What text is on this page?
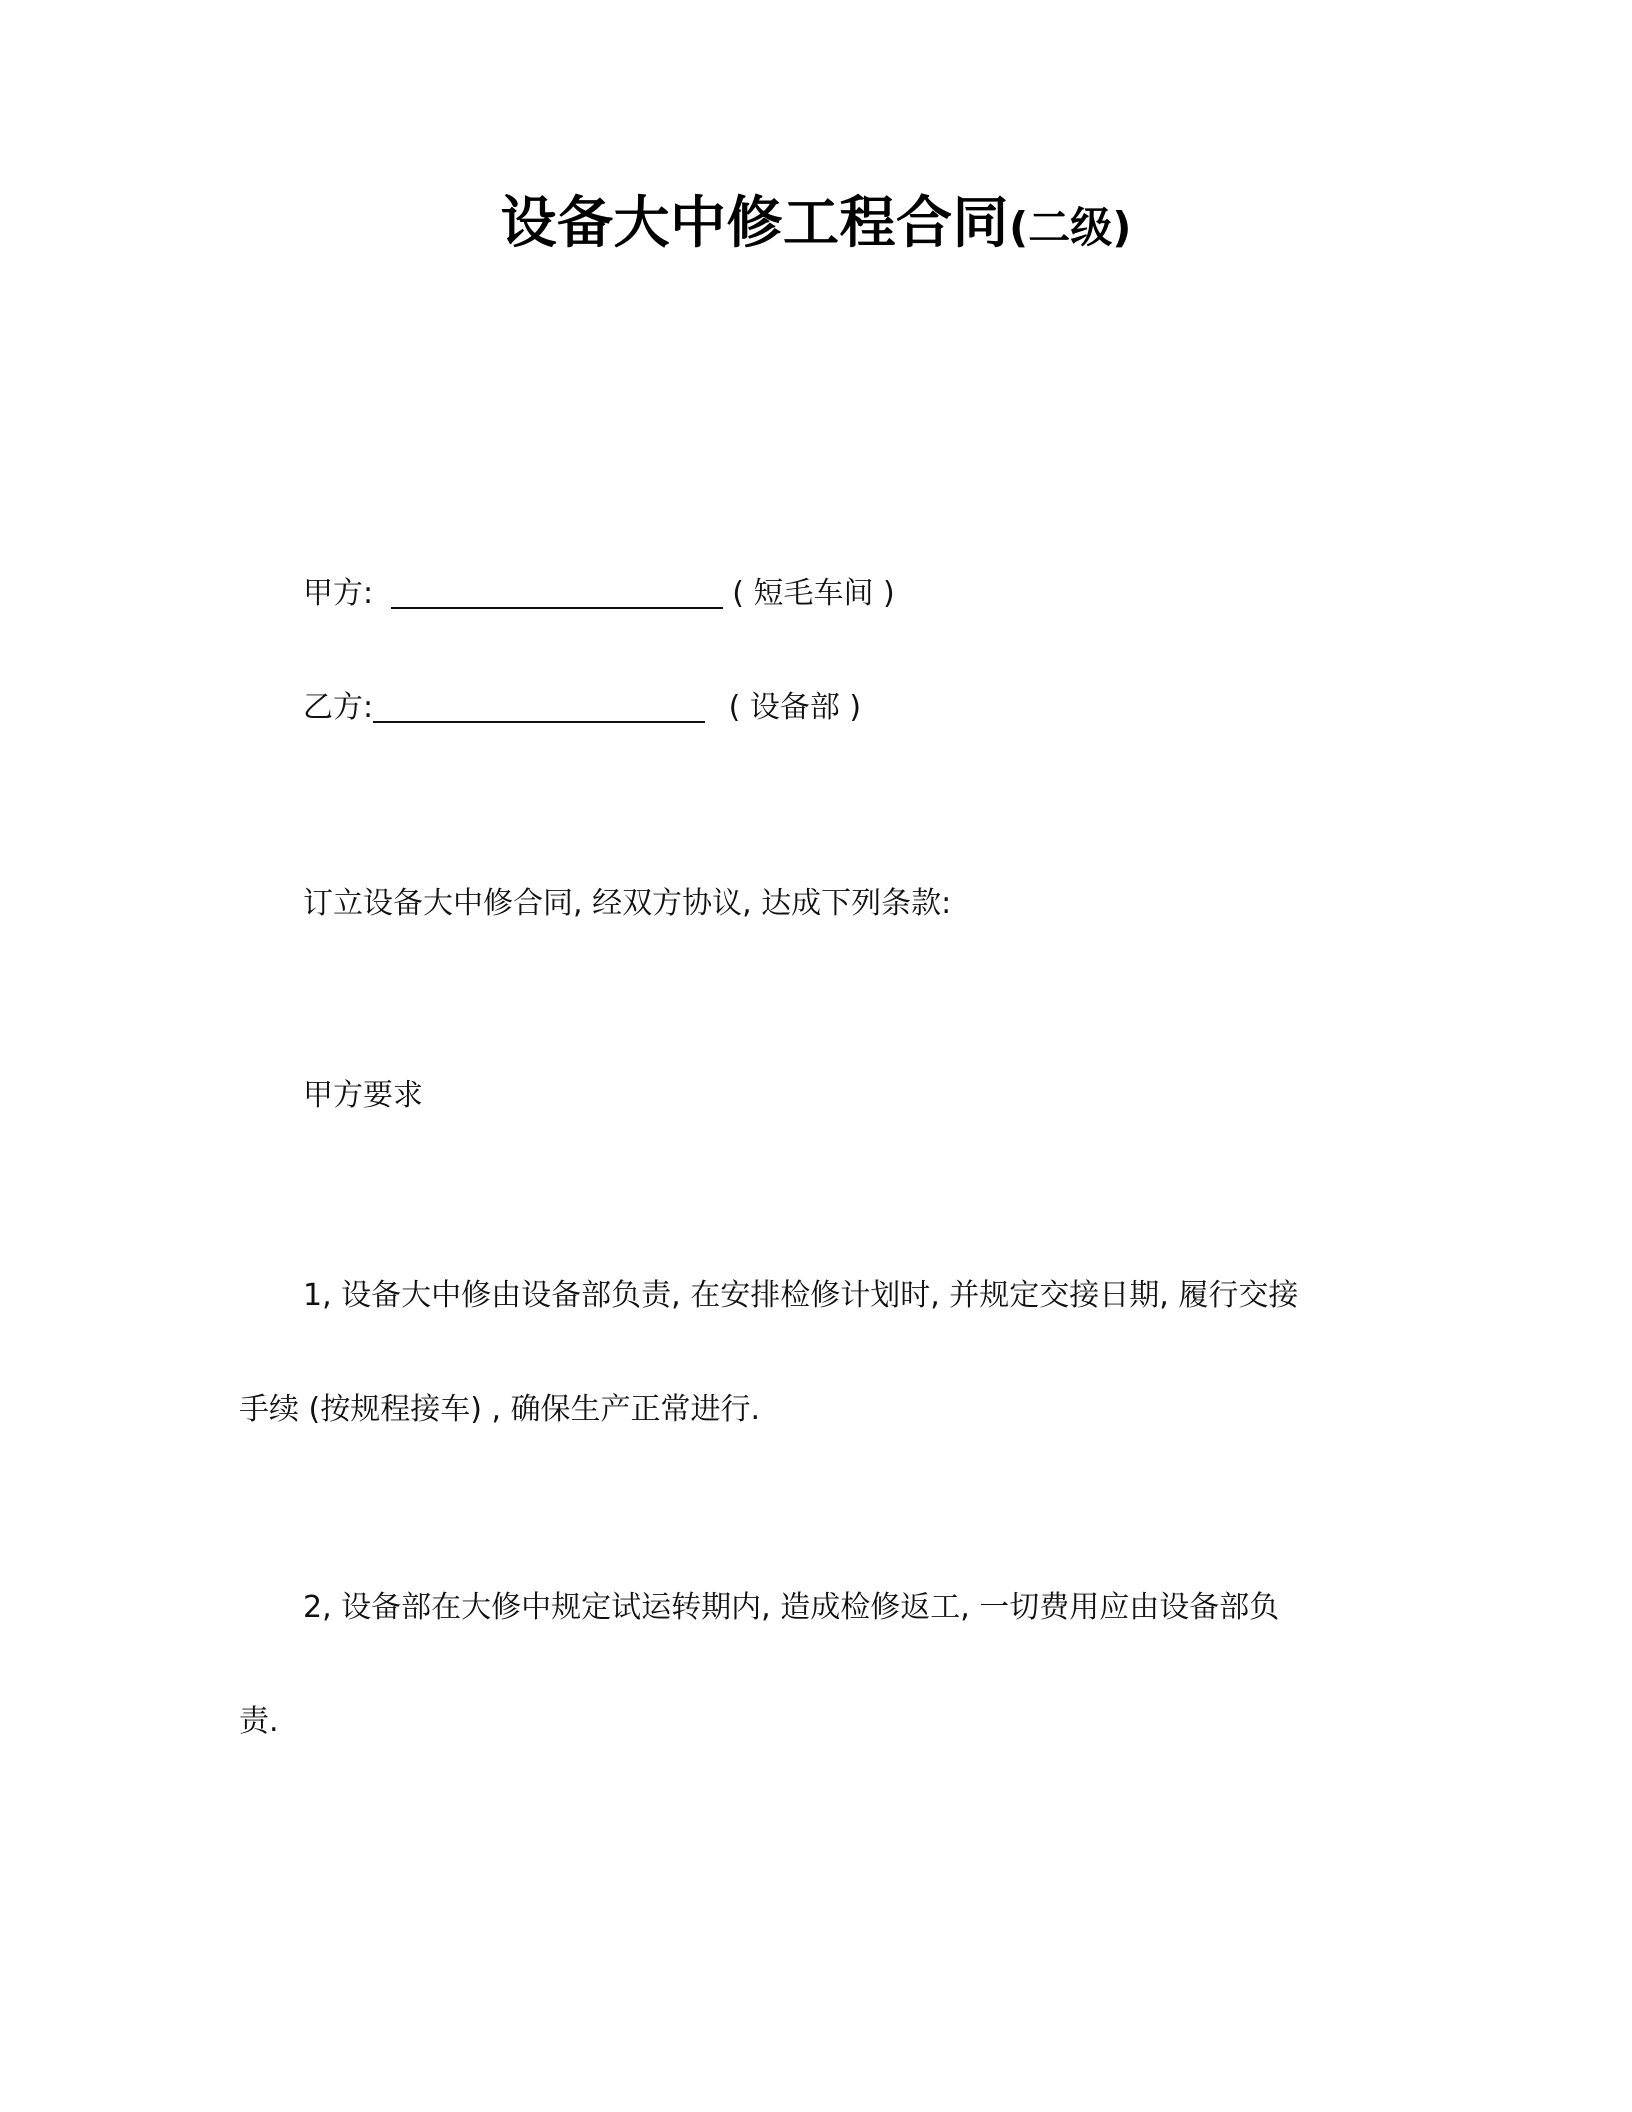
设备大中修工程合同(二级)
甲方:	( 短毛车间 )
乙方:	( 设备部 )
订立设备大中修合同, 经双方协议, 达成下列条款:
甲方要求
1, 设备大中修由设备部负责, 在安排检修计划时, 并规定交接日期, 履行交接
手续 (按规程接车) , 确保生产正常进行.
2, 设备部在大修中规定试运转期内, 造成检修返工, 一切费用应由设备部负
责.
